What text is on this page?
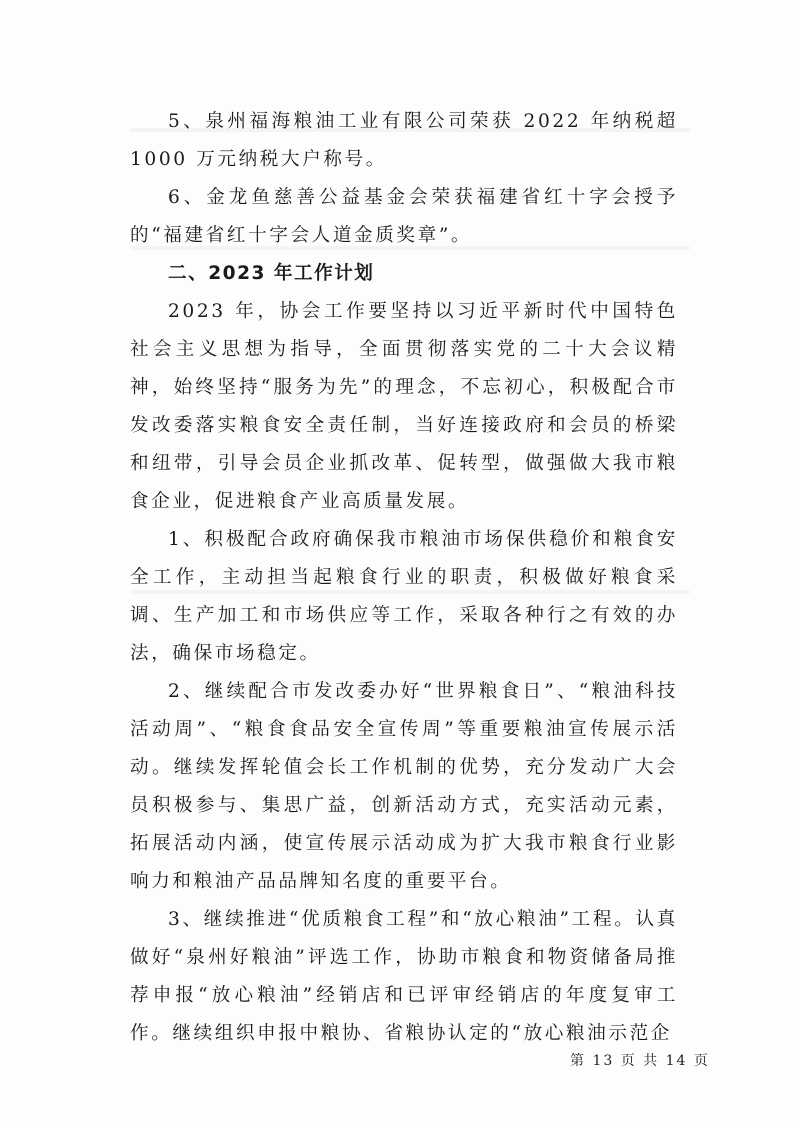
5、泉州福海粮油工业有限公司荣获 2022 年纳税超 1000 万元纳税大户称号。

6、金龙鱼慈善公益基金会荣获福建省红十字会授予的“福建省红十字会人道金质奖章”。

二、2023 年工作计划

2023 年，协会工作要坚持以习近平新时代中国特色社会主义思想为指导，全面贯彻落实党的二十大会议精神，始终坚持“服务为先”的理念，不忘初心，积极配合市发改委落实粮食安全责任制，当好连接政府和会员的桥梁和纽带，引导会员企业抓改革、促转型，做强做大我市粮食企业，促进粮食产业高质量发展。

1、积极配合政府确保我市粮油市场保供稳价和粮食安全工作，主动担当起粮食行业的职责，积极做好粮食采调、生产加工和市场供应等工作，采取各种行之有效的办法，确保市场稳定。

2、继续配合市发改委办好“世界粮食日”、“粮油科技活动周”、“粮食食品安全宣传周”等重要粮油宣传展示活动。继续发挥轮值会长工作机制的优势，充分发动广大会员积极参与、集思广益，创新活动方式，充实活动元素，拓展活动内涵，使宣传展示活动成为扩大我市粮食行业影响力和粮油产品品牌知名度的重要平台。

3、继续推进“优质粮食工程”和“放心粮油”工程。认真做好“泉州好粮油”评选工作，协助市粮食和物资储备局推荐申报“放心粮油”经销店和已评审经销店的年度复审工作。继续组织申报中粮协、省粮协认定的“放心粮油示范企

第 13 页 共 14 页
